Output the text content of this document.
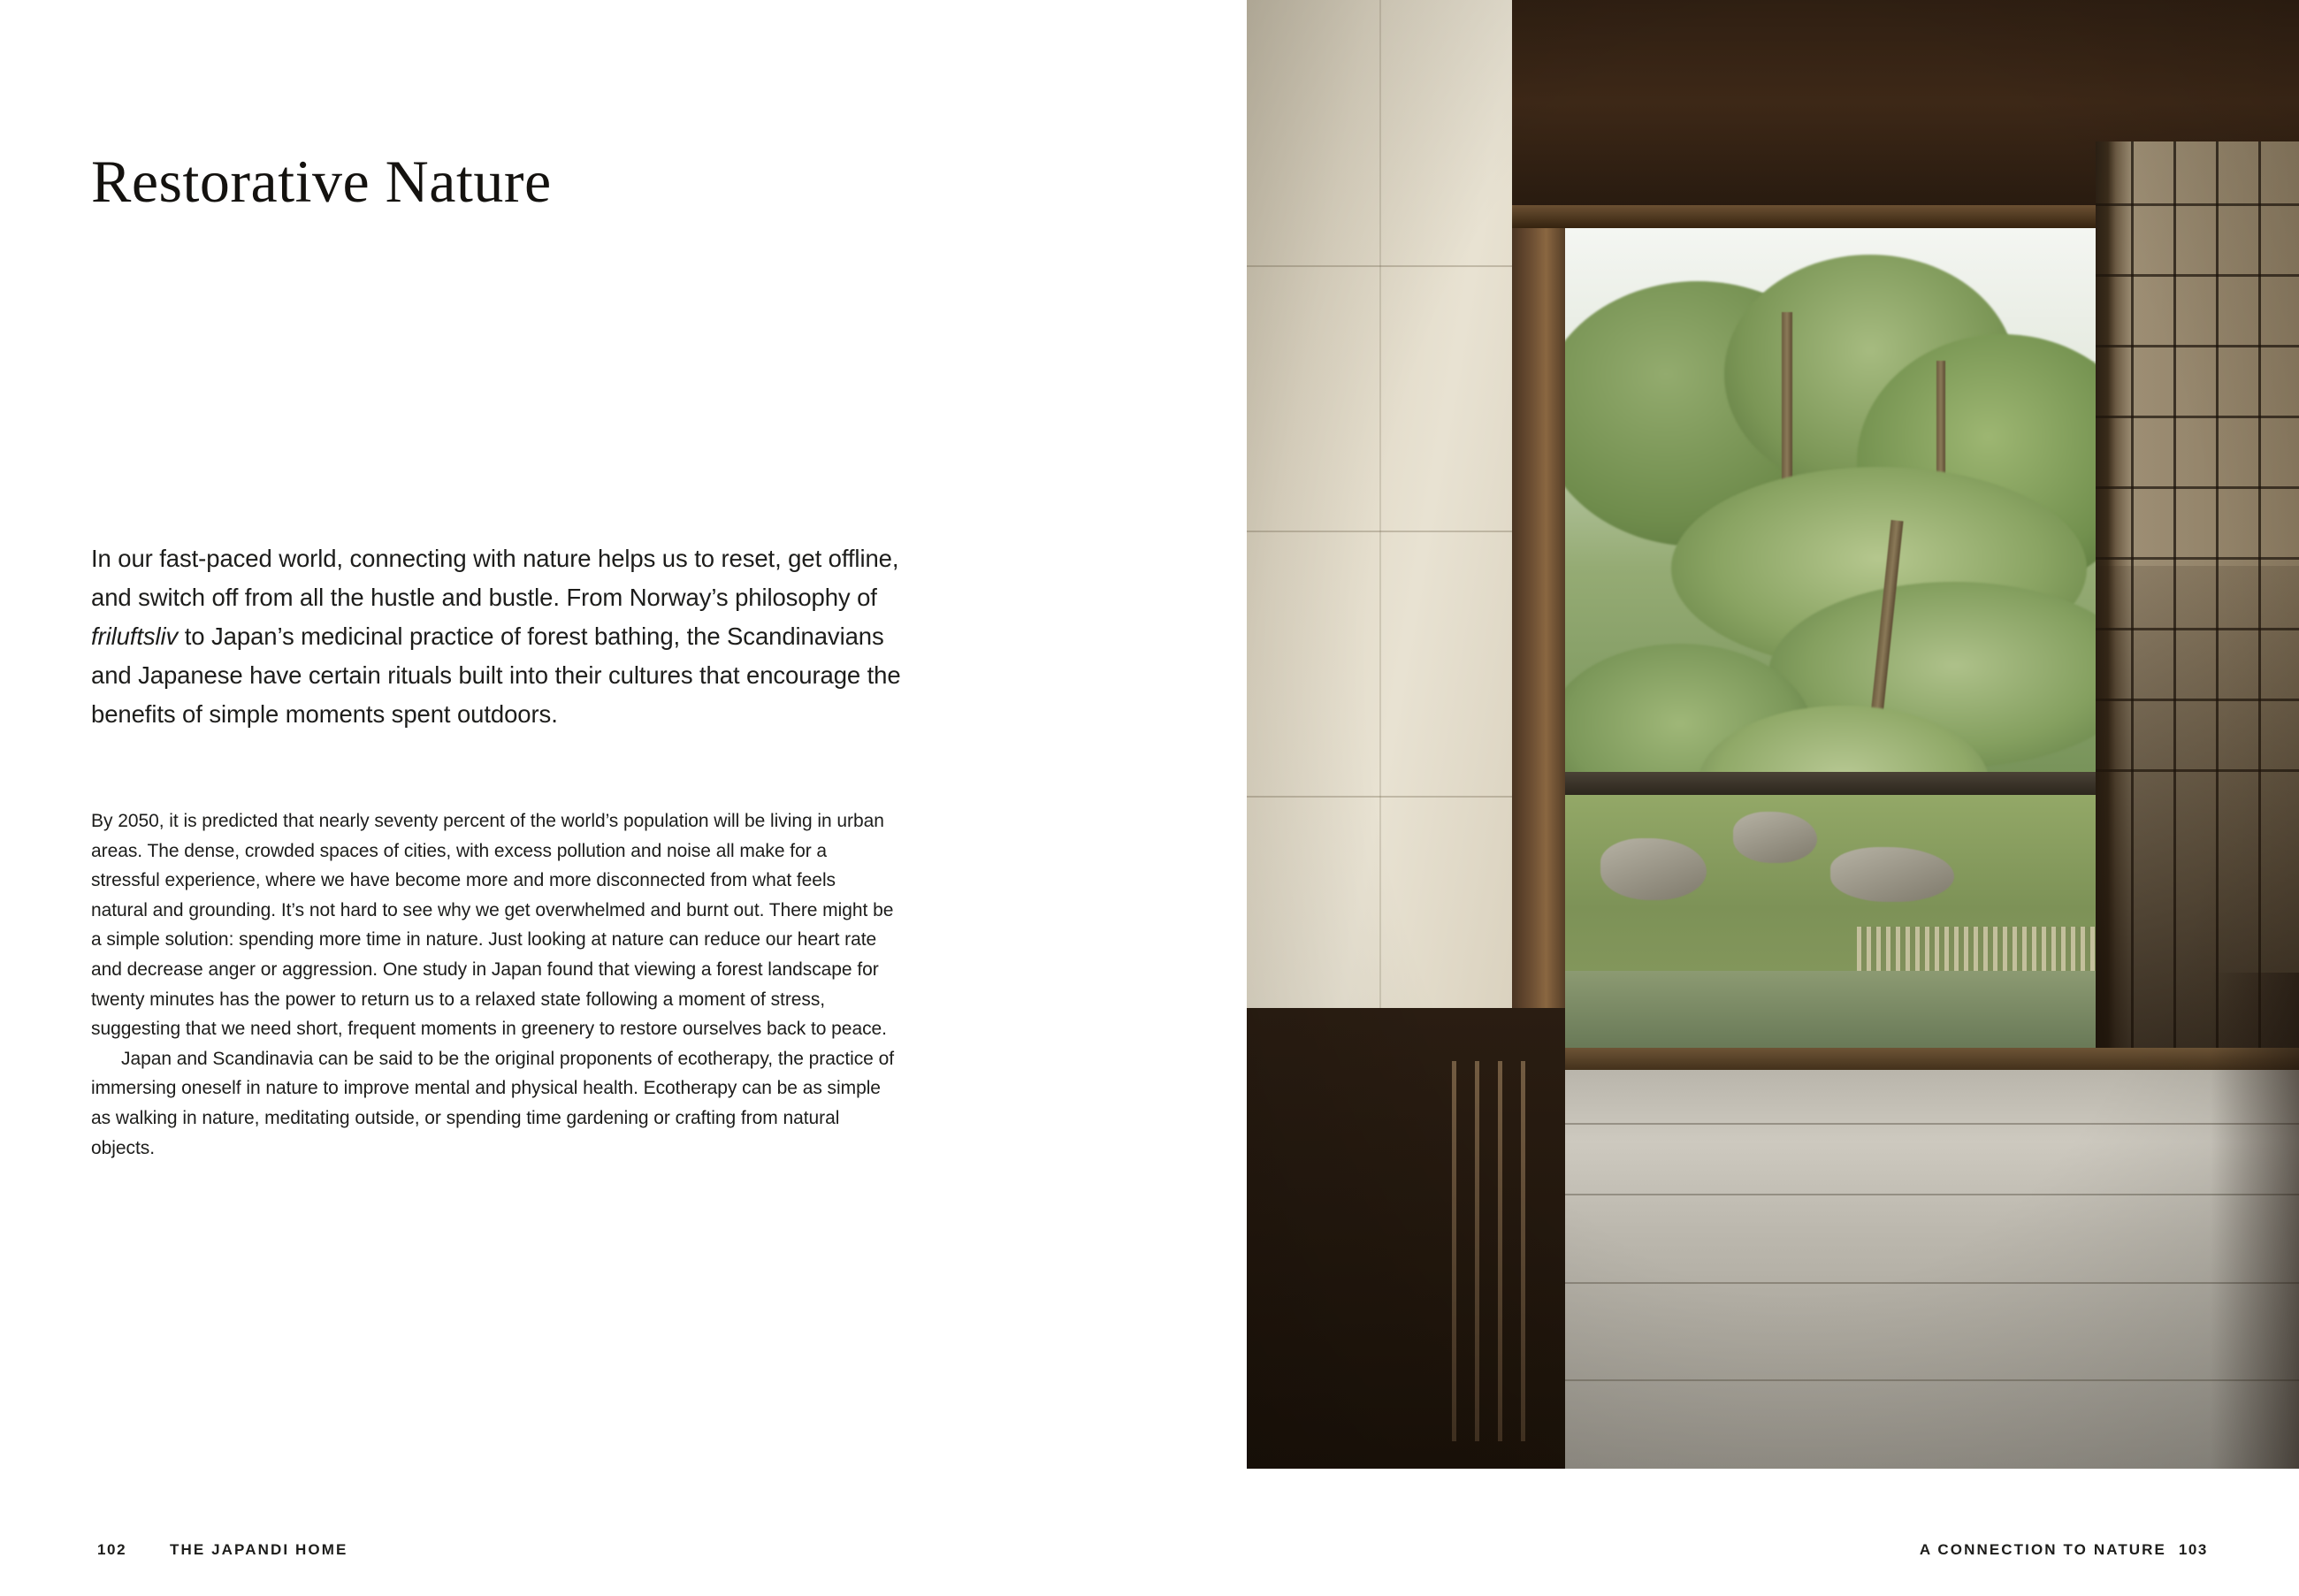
Restorative Nature
In our fast-paced world, connecting with nature helps us to reset, get offline, and switch off from all the hustle and bustle. From Norway’s philosophy of friluftsliv to Japan’s medicinal practice of forest bathing, the Scandinavians and Japanese have certain rituals built into their cultures that encourage the benefits of simple moments spent outdoors.

By 2050, it is predicted that nearly seventy percent of the world’s population will be living in urban areas. The dense, crowded spaces of cities, with excess pollution and noise all make for a stressful experience, where we have become more and more disconnected from what feels natural and grounding. It’s not hard to see why we get overwhelmed and burnt out. There might be a simple solution: spending more time in nature. Just looking at nature can reduce our heart rate and decrease anger or aggression. One study in Japan found that viewing a forest landscape for twenty minutes has the power to return us to a relaxed state following a moment of stress, suggesting that we need short, frequent moments in greenery to restore ourselves back to peace.

Japan and Scandinavia can be said to be the original proponents of ecotherapy, the practice of immersing oneself in nature to improve mental and physical health. Ecotherapy can be as simple as walking in nature, meditating outside, or spending time gardening or crafting from natural objects.

102	THE JAPANDI HOME	A CONNECTION TO NATURE 103
